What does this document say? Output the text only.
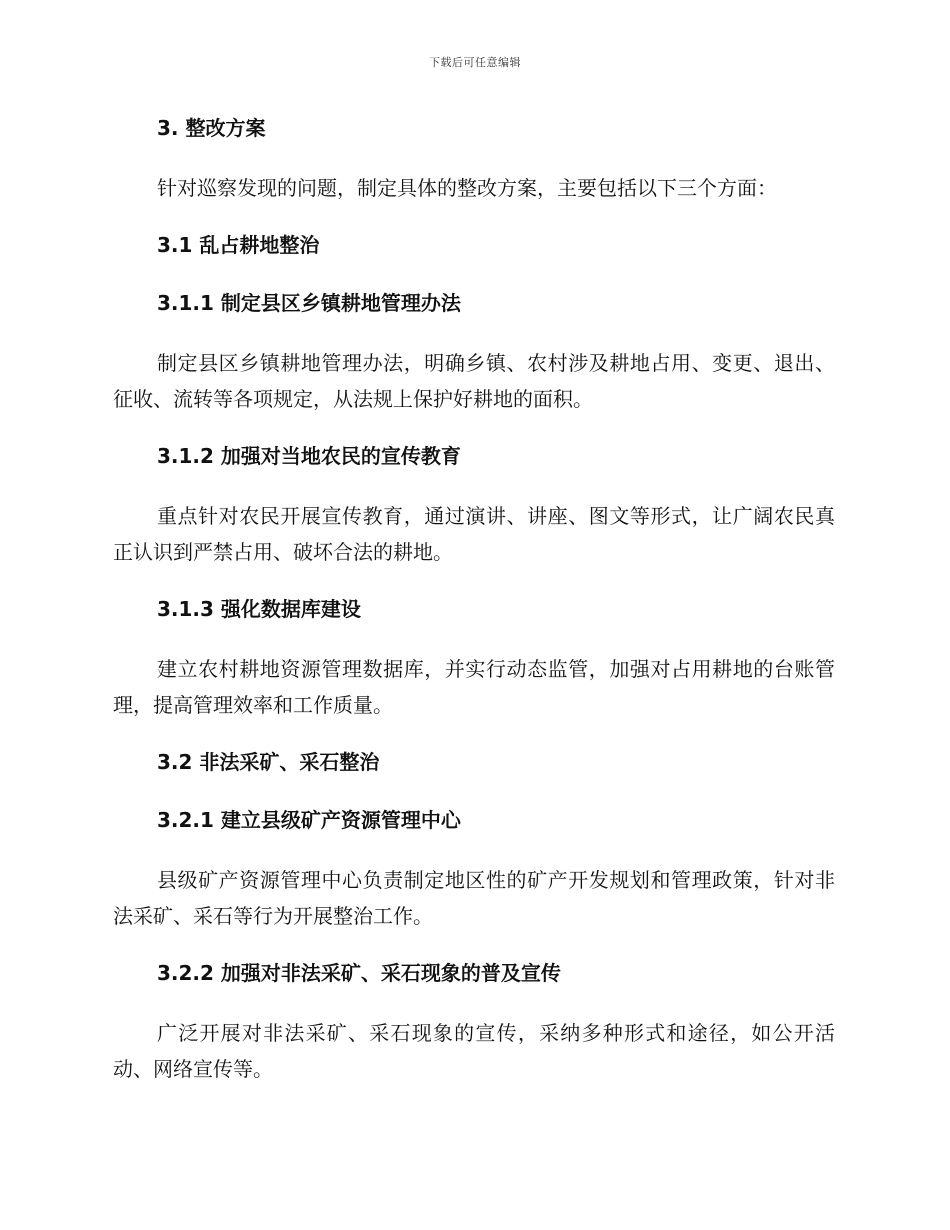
下载后可任意编辑
3. 整改方案

针对巡察发现的问题，制定具体的整改方案，主要包括以下三个方面：

3.1 乱占耕地整治
3.1.1 制定县区乡镇耕地管理办法

制定县区乡镇耕地管理办法，明确乡镇、农村涉及耕地占用、变更、退出、征收、流转等各项规定，从法规上保护好耕地的面积。

3.1.2 加强对当地农民的宣传教育

重点针对农民开展宣传教育，通过演讲、讲座、图文等形式，让广阔农民真正认识到严禁占用、破坏合法的耕地。

3.1.3 强化数据库建设

建立农村耕地资源管理数据库，并实行动态监管，加强对占用耕地的台账管理，提高管理效率和工作质量。

3.2 非法采矿、采石整治
3.2.1 建立县级矿产资源管理中心

县级矿产资源管理中心负责制定地区性的矿产开发规划和管理政策，针对非法采矿、采石等行为开展整治工作。

3.2.2 加强对非法采矿、采石现象的普及宣传

广泛开展对非法采矿、采石现象的宣传，采纳多种形式和途径，如公开活动、网络宣传等。
